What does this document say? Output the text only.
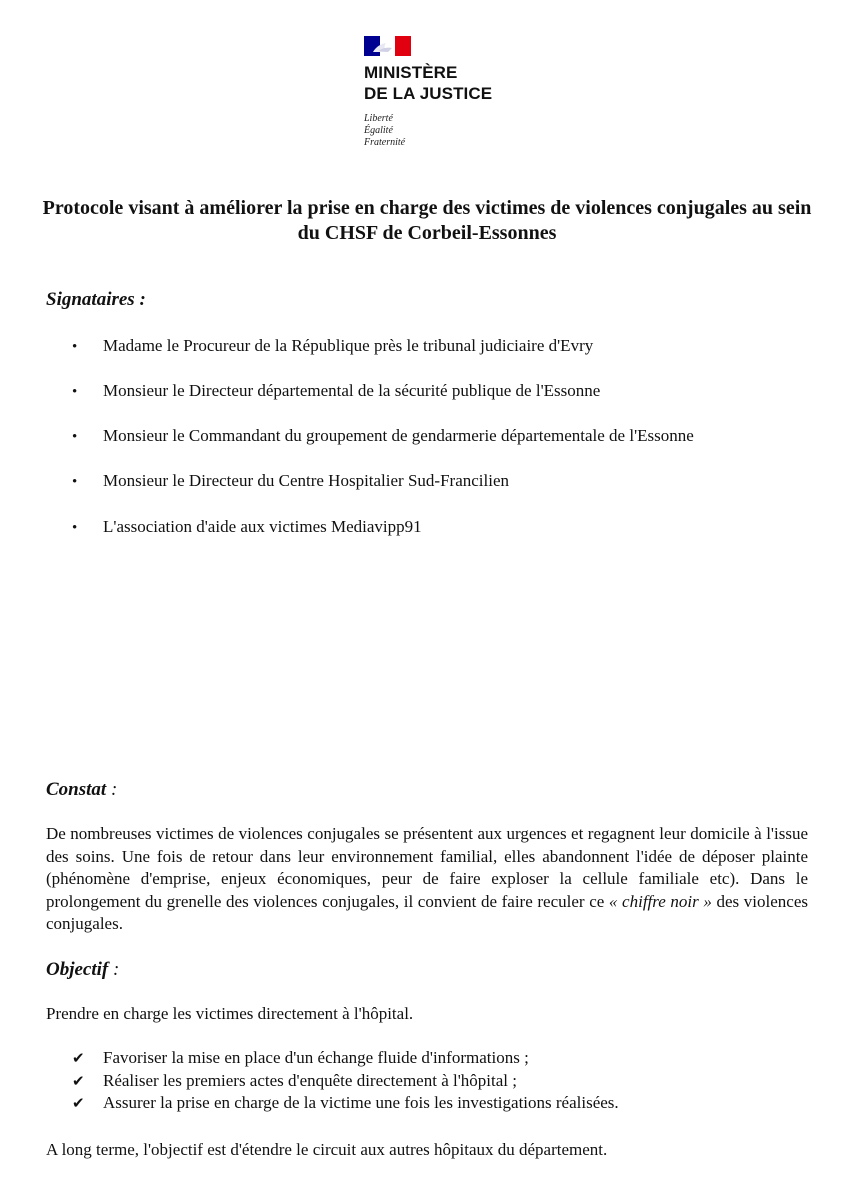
MINISTÈRE
DE LA JUSTICE
Liberté
Égalité
Fraternité
Protocole visant à améliorer la prise en charge des victimes de violences conjugales au sein du CHSF de Corbeil-Essonnes
Signataires :
• Madame le Procureur de la République près le tribunal judiciaire d'Evry
• Monsieur le Directeur départemental de la sécurité publique de l'Essonne
• Monsieur le Commandant du groupement de gendarmerie départementale de l'Essonne
• Monsieur le Directeur du Centre Hospitalier Sud-Francilien
• L'association d'aide aux victimes Mediavipp91
Constat :
De nombreuses victimes de violences conjugales se présentent aux urgences et regagnent leur domicile à l'issue des soins. Une fois de retour dans leur environnement familial, elles abandonnent l'idée de déposer plainte (phénomène d'emprise, enjeux économiques, peur de faire exploser la cellule familiale etc). Dans le prolongement du grenelle des violences conjugales, il convient de faire reculer ce « chiffre noir » des violences conjugales.
Objectif :
Prendre en charge les victimes directement à l'hôpital.
✔ Favoriser la mise en place d'un échange fluide d'informations ;
✔ Réaliser les premiers actes d'enquête directement à l'hôpital ;
✔ Assurer la prise en charge de la victime une fois les investigations réalisées.
A long terme, l'objectif est d'étendre le circuit aux autres hôpitaux du département.
